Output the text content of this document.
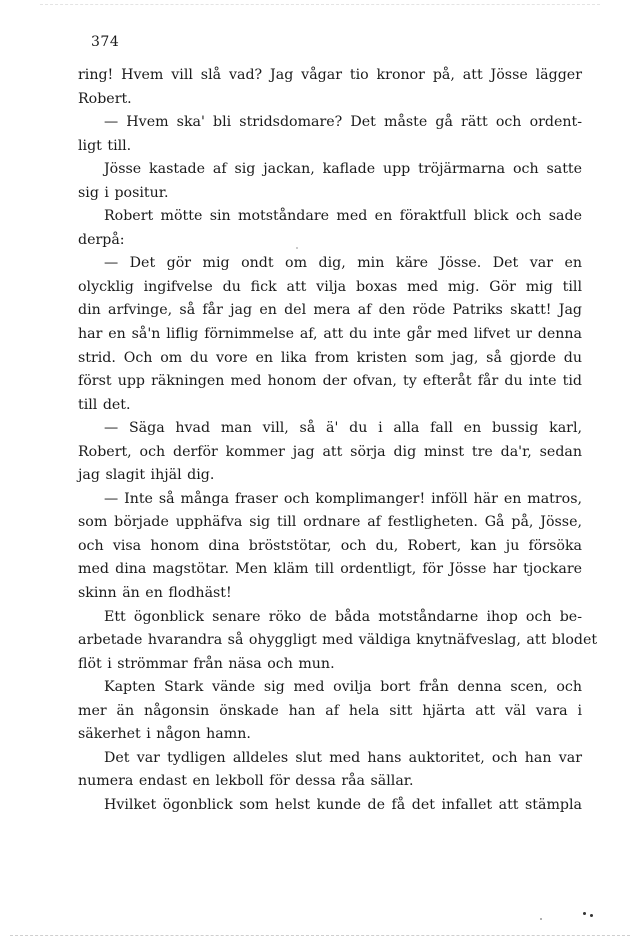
374
ring! Hvem vill slå vad? Jag vågar tio kronor på, att Jösse lägger
Robert.
— Hvem ska' bli stridsdomare? Det måste gå rätt och ordent-
ligt till.
Jösse kastade af sig jackan, kaflade upp tröjärmarna och satte
sig i positur.
Robert mötte sin motståndare med en föraktfull blick och sade
derpå:
— Det gör mig ondt om dig, min käre Jösse. Det var en
olycklig ingifvelse du fick att vilja boxas med mig. Gör mig till
din arfvinge, så får jag en del mera af den röde Patriks skatt! Jag
har en så'n liflig förnimmelse af, att du inte går med lifvet ur denna
strid. Och om du vore en lika from kristen som jag, så gjorde du
först upp räkningen med honom der ofvan, ty efteråt får du inte tid
till det.
— Säga hvad man vill, så ä' du i alla fall en bussig karl,
Robert, och derför kommer jag att sörja dig minst tre da'r, sedan
jag slagit ihjäl dig.
— Inte så många fraser och komplimanger! inföll här en matros,
som började upphäfva sig till ordnare af festligheten. Gå på, Jösse,
och visa honom dina bröststötar, och du, Robert, kan ju försöka
med dina magstötar. Men kläm till ordentligt, för Jösse har tjockare
skinn än en flodhäst!
Ett ögonblick senare röko de båda motståndarne ihop och be-
arbetade hvarandra så ohyggligt med väldiga knytnäfveslag, att blodet
flöt i strömmar från näsa och mun.
Kapten Stark vände sig med ovilja bort från denna scen, och
mer än någonsin önskade han af hela sitt hjärta att väl vara i
säkerhet i någon hamn.
Det var tydligen alldeles slut med hans auktoritet, och han var
numera endast en lekboll för dessa råa sällar.
Hvilket ögonblick som helst kunde de få det infallet att stämpla
